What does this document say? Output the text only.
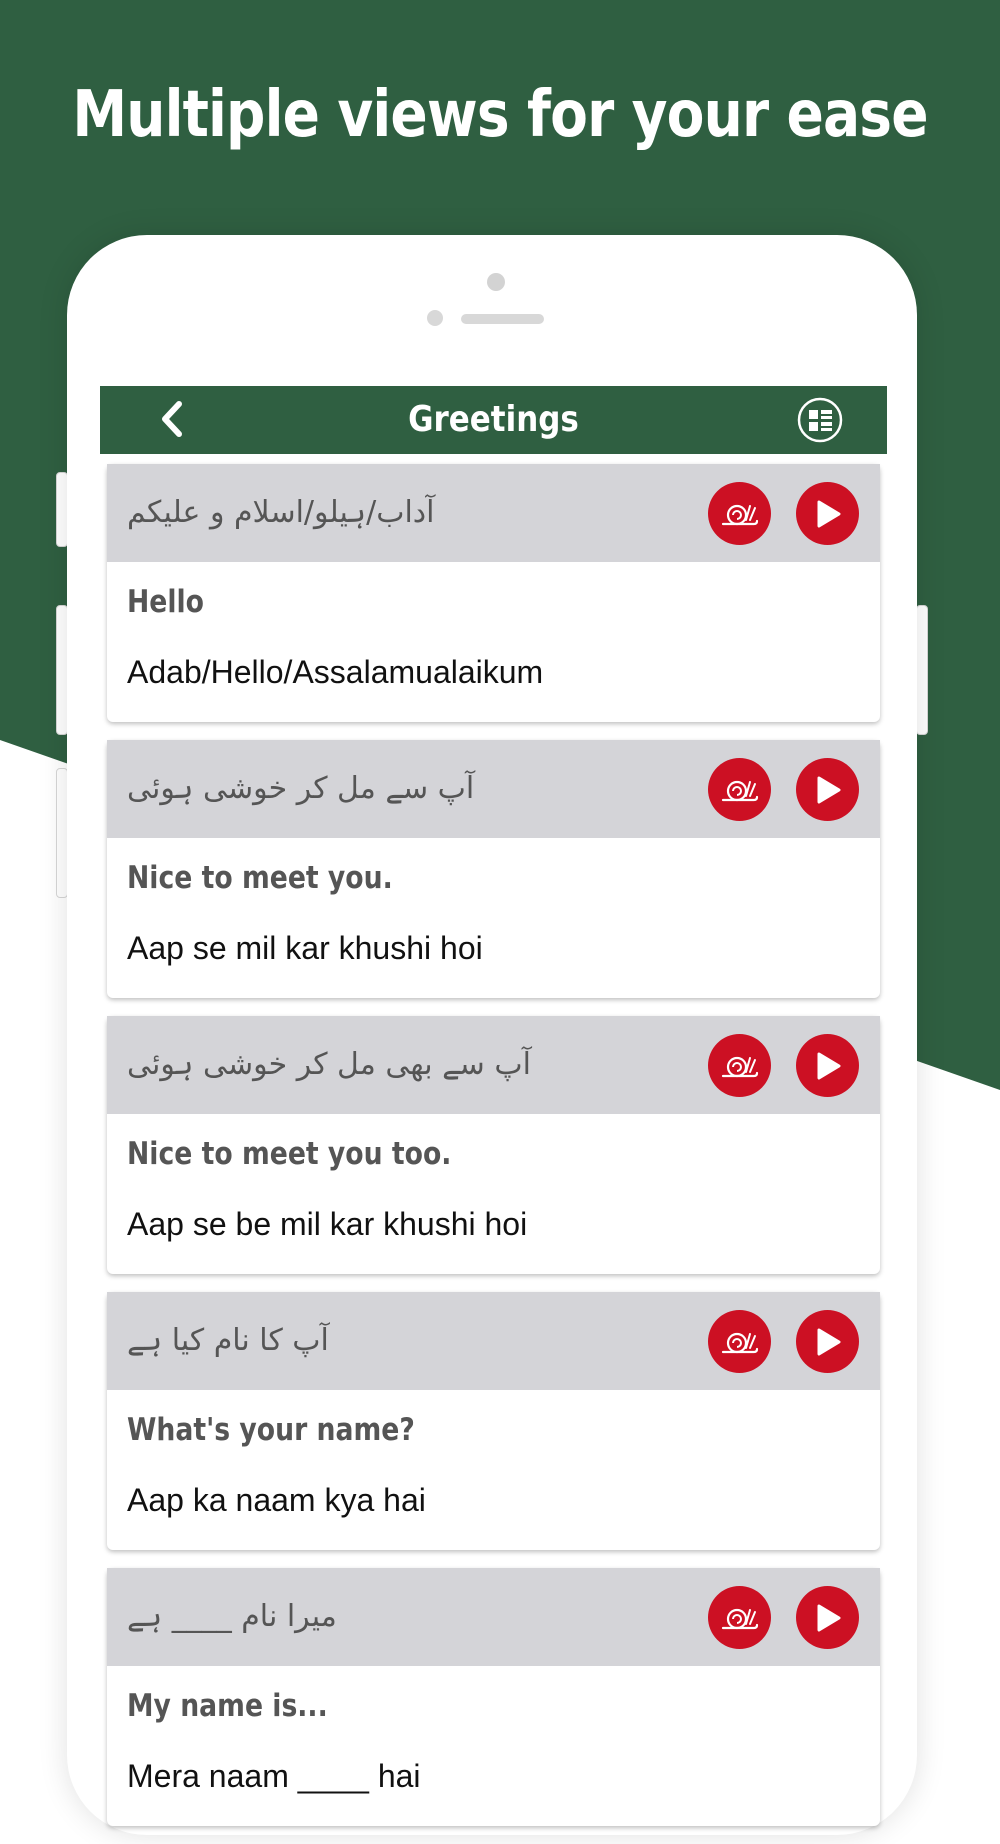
Multiple views for your ease
Greetings
آداب/ہیلو/اسلام و علیکم
Hello
Adab/Hello/Assalamualaikum
آپ سے مل کر خوشی ہوئی
Nice to meet you.
Aap se mil kar khushi hoi
آپ سے بھی مل کر خوشی ہوئی
Nice to meet you too.
Aap se be mil kar khushi hoi
آپ کا نام کیا ہے
What's your name?
Aap ka naam kya hai
میرا نام ____ ہے
My name is...
Mera naam ____ hai
